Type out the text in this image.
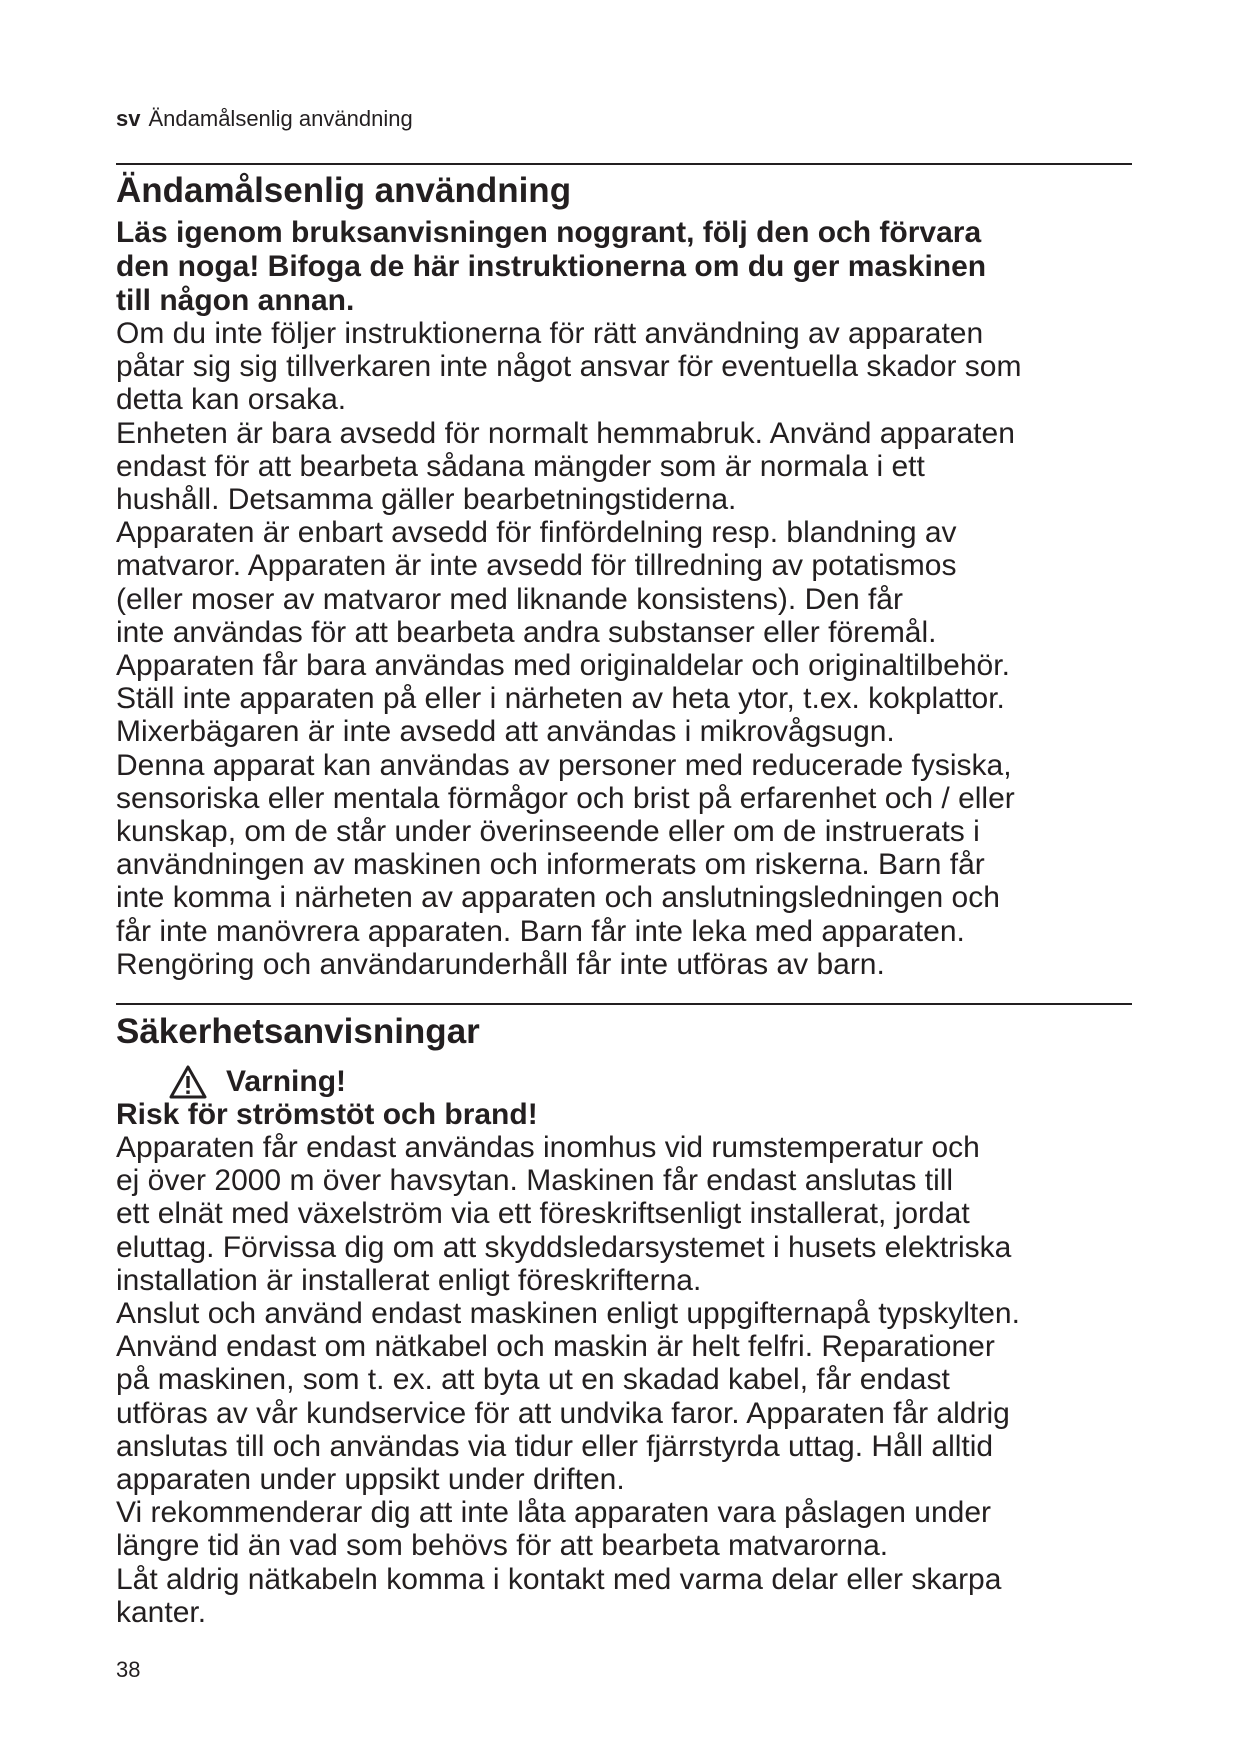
sv Ändamålsenlig användning
Ändamålsenlig användning

Läs igenom bruksanvisningen noggrant, följ den och förvara

den noga! Bifoga de här instruktionerna om du ger maskinen

till någon annan.

Om du inte följer instruktionerna för rätt användning av apparaten

påtar sig sig tillverkaren inte något ansvar för eventuella skador som

detta kan orsaka.

Enheten är bara avsedd för normalt hemmabruk. Använd apparaten

endast för att bearbeta sådana mängder som är normala i ett

hushåll. Detsamma gäller bearbetningstiderna.

Apparaten är enbart avsedd för finfördelning resp. blandning av

matvaror. Apparaten är inte avsedd för tillredning av potatismos

(eller moser av matvaror med liknande konsistens). Den får

inte användas för att bearbeta andra substanser eller föremål.

Apparaten får bara användas med originaldelar och originaltilbehör.

Ställ inte apparaten på eller i närheten av heta ytor, t.ex. kokplattor.

Mixerbägaren är inte avsedd att användas i mikrovågsugn.

Denna apparat kan användas av personer med reducerade fysiska,

sensoriska eller mentala förmågor och brist på erfarenhet och / eller

kunskap, om de står under överinseende eller om de instruerats i

användningen av maskinen och informerats om riskerna. Barn får

inte komma i närheten av apparaten och anslutningsledningen och

får inte manövrera apparaten. Barn får inte leka med apparaten.

Rengöring och användarunderhåll får inte utföras av barn.

Säkerhetsanvisningar
Varning!

Risk för strömstöt och brand!

Apparaten får endast användas inomhus vid rumstemperatur och

ej över 2000 m över havsytan. Maskinen får endast anslutas till

ett elnät med växelström via ett föreskriftsenligt installerat, jordat

eluttag. Förvissa dig om att skyddsledarsystemet i husets elektriska

installation är installerat enligt föreskrifterna.

Anslut och använd endast maskinen enligt uppgifternapå typskylten.

Använd endast om nätkabel och maskin är helt felfri. Reparationer

på maskinen, som t. ex. att byta ut en skadad kabel, får endast

utföras av vår kundservice för att undvika faror. Apparaten får aldrig

anslutas till och användas via tidur eller fjärrstyrda uttag. Håll alltid

apparaten under uppsikt under driften.

Vi rekommenderar dig att inte låta apparaten vara påslagen under

längre tid än vad som behövs för att bearbeta matvarorna.

Låt aldrig nätkabeln komma i kontakt med varma delar eller skarpa

kanter.

38
